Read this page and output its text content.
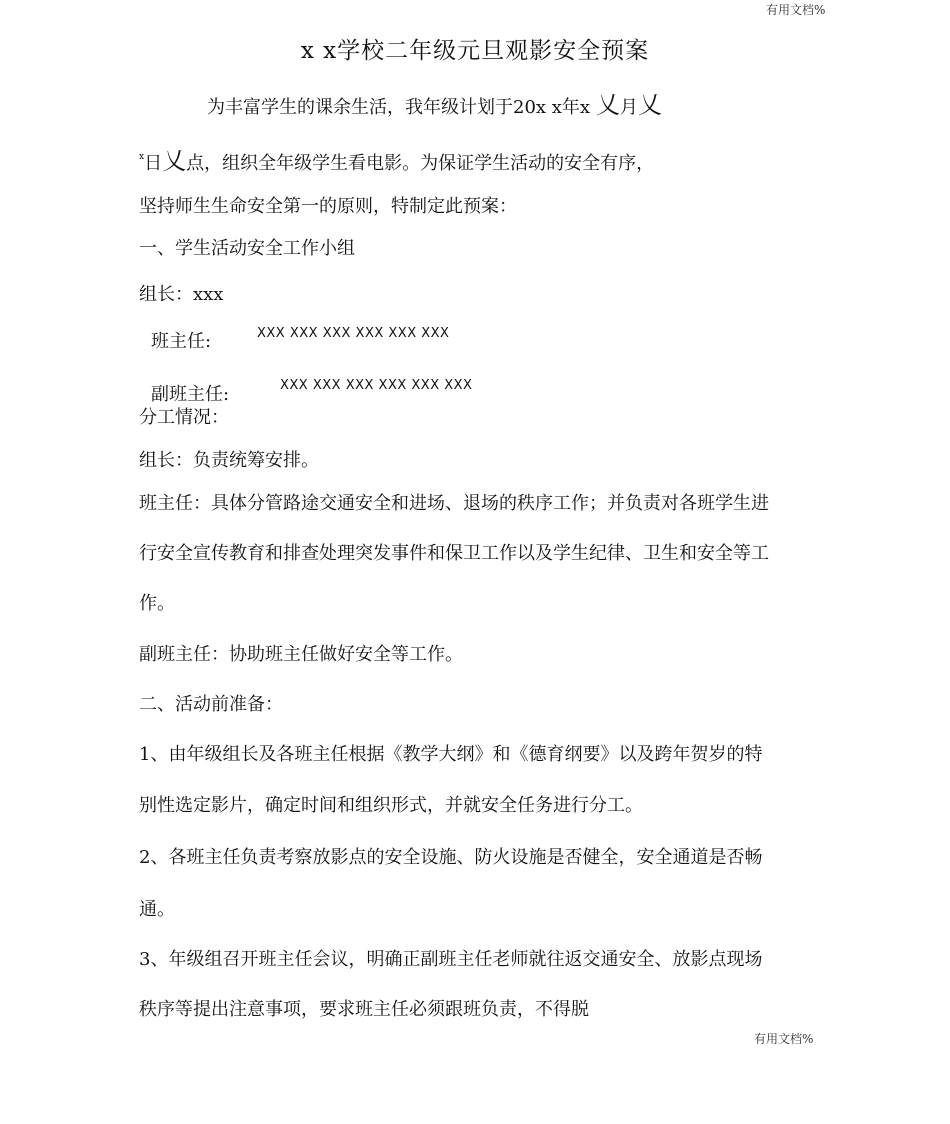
有用文档%
x x学校二年级元旦观影安全预案
为丰富学生的课余生活，我年级计划于20x x年x 乂月乂
$^x$日乂点，组织全年级学生看电影。为保证学生活动的安全有序，
坚持师生生命安全第一的原则，特制定此预案：
一、学生活动安全工作小组
组长：xxx
班主任:	XXX XXX XXX XXX XXX XXX
副班主任:	XXX XXX XXX XXX XXX XXX
分工情况：
组长：负责统筹安排。
班主任：具体分管路途交通安全和进场、退场的秩序工作；并负责对各班学生进
行安全宣传教育和排查处理突发事件和保卫工作以及学生纪律、卫生和安全等工
作。
副班主任：协助班主任做好安全等工作。
二、活动前准备：
1、由年级组长及各班主任根据《教学大纲》和《德育纲要》以及跨年贺岁的特
别性选定影片，确定时间和组织形式，并就安全任务进行分工。
2、各班主任负责考察放影点的安全设施、防火设施是否健全，安全通道是否畅
通。
3、年级组召开班主任会议，明确正副班主任老师就往返交通安全、放影点现场
秩序等提出注意事项，要求班主任必须跟班负责，不得脱
有用文档%
